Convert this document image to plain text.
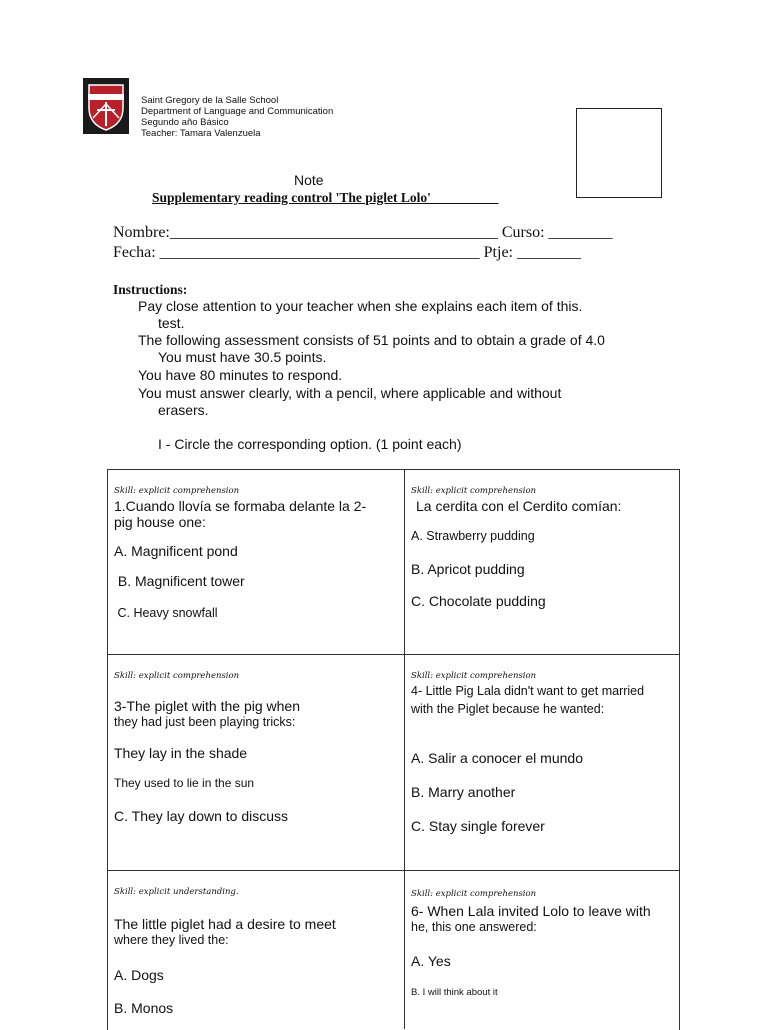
Saint Gregory de la Salle School
Department of Language and Communication
Segundo año Básico
Teacher: Tamara Valenzuela
Note
Supplementary reading control 'The piglet Lolo'__________
Nombre:_________________________________________ Curso: ________
Fecha: ________________________________________ Ptje: ________
Instructions:
Pay close attention to your teacher when she explains each item of this.
test.
The following assessment consists of 51 points and to obtain a grade of 4.0
You must have 30.5 points.
You have 80 minutes to respond.
You must answer clearly, with a pencil, where applicable and without
erasers.
I - Circle the corresponding option. (1 point each)
Skill: explicit comprehension
1.Cuando llovía se formaba delante la 2-
pig house one:
A. Magnificent pond
B. Magnificent tower
C. Heavy snowfall
Skill: explicit comprehension
La cerdita con el Cerdito comían:
A. Strawberry pudding
B. Apricot pudding
C. Chocolate pudding
Skill: explicit comprehension
3-The piglet with the pig when
they had just been playing tricks:
They lay in the shade
They used to lie in the sun
C. They lay down to discuss
Skill: explicit comprehension
4- Little Pig Lala didn't want to get married
with the Piglet because he wanted:
A. Salir a conocer el mundo
B. Marry another
C. Stay single forever
Skill: explicit understanding.
The little piglet had a desire to meet
where they lived the:
A. Dogs
B. Monos
Skill: explicit comprehension
6- When Lala invited Lolo to leave with
he, this one answered:
A. Yes
B. I will think about it
